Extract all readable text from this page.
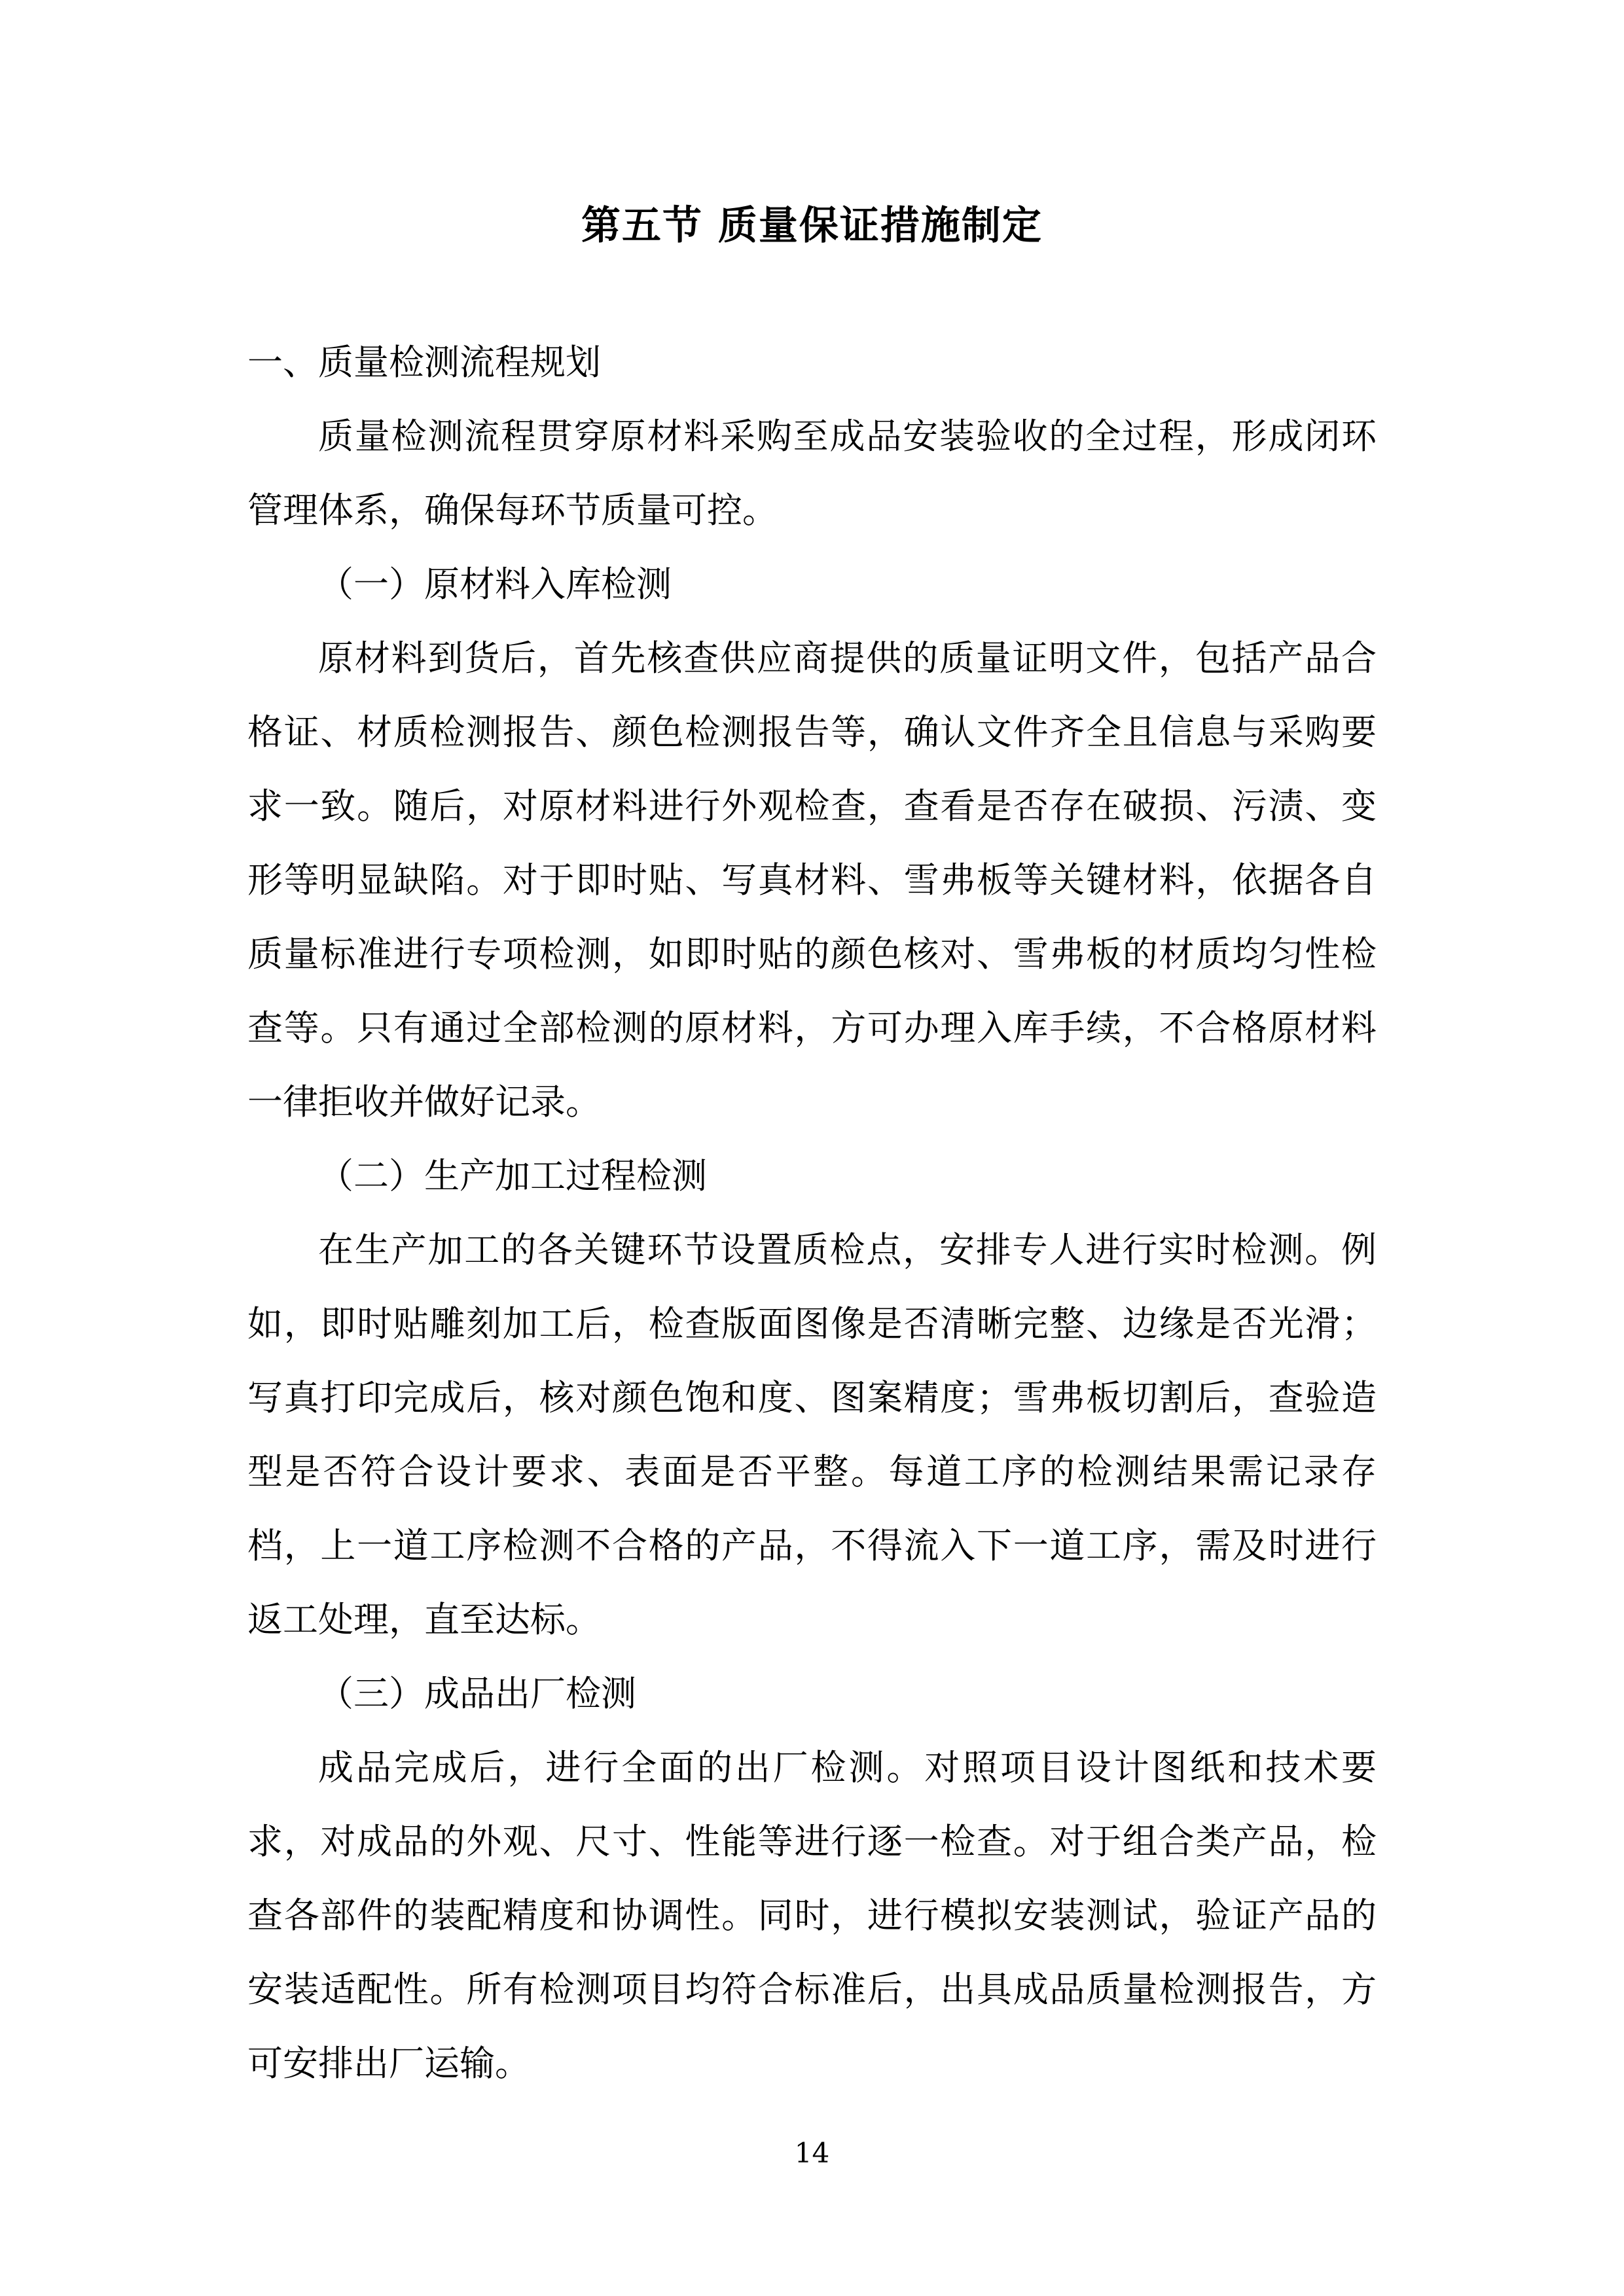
第五节 质量保证措施制定

一、质量检测流程规划

质量检测流程贯穿原材料采购至成品安装验收的全过程，形成闭环管理体系，确保每环节质量可控。

（一）原材料入库检测

原材料到货后，首先核查供应商提供的质量证明文件，包括产品合格证、材质检测报告、颜色检测报告等，确认文件齐全且信息与采购要求一致。随后，对原材料进行外观检查，查看是否存在破损、污渍、变形等明显缺陷。对于即时贴、写真材料、雪弗板等关键材料，依据各自质量标准进行专项检测，如即时贴的颜色核对、雪弗板的材质均匀性检查等。只有通过全部检测的原材料，方可办理入库手续，不合格原材料一律拒收并做好记录。

（二）生产加工过程检测

在生产加工的各关键环节设置质检点，安排专人进行实时检测。例如，即时贴雕刻加工后，检查版面图像是否清晰完整、边缘是否光滑；写真打印完成后，核对颜色饱和度、图案精度；雪弗板切割后，查验造型是否符合设计要求、表面是否平整。每道工序的检测结果需记录存档，上一道工序检测不合格的产品，不得流入下一道工序，需及时进行返工处理，直至达标。

（三）成品出厂检测

成品完成后，进行全面的出厂检测。对照项目设计图纸和技术要求，对成品的外观、尺寸、性能等进行逐一检查。对于组合类产品，检查各部件的装配精度和协调性。同时，进行模拟安装测试，验证产品的安装适配性。所有检测项目均符合标准后，出具成品质量检测报告，方可安排出厂运输。

14
